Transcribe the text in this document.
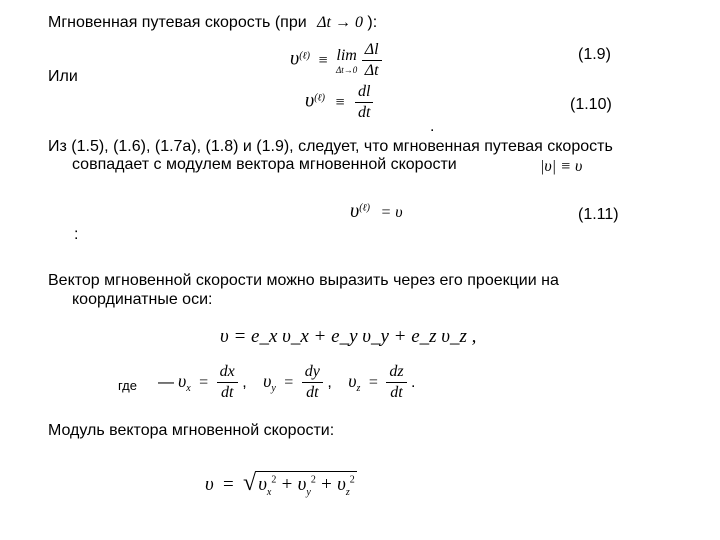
Мгновенная путевая скорость (при Δt → 0 ):
$\upsilon^{(\ell)} \equiv \lim$
Δt→0
$\frac{\Delta l}{\Delta t}$	(1.9)
Или
$\upsilon^{(\ell)} \equiv \frac{dl}{dt}$	(1.10)
.
Из (1.5), (1.6), (1.7а), (1.8) и (1.9), следует, что мгновенная путевая скорость
совпадает с модулем вектора мгновенной скорости	|υ| ≡ υ
$\upsilon^{(\ell)} = \upsilon$	(1.11)
:
Вектор мгновенной скорости можно выразить через его проекции на
координатные оси:
υ = e_x υ_x + e_y υ_y + e_z υ_z ,
где — $\upsilon_x = \frac{dx}{dt}$ , $\upsilon_y = \frac{dy}{dt}$ , $\upsilon_z = \frac{dz}{dt}$ .
Модуль вектора мгновенной скорости:
υ = √ $\upsilon_x^2 + \upsilon_y^2 + \upsilon_z^2$
